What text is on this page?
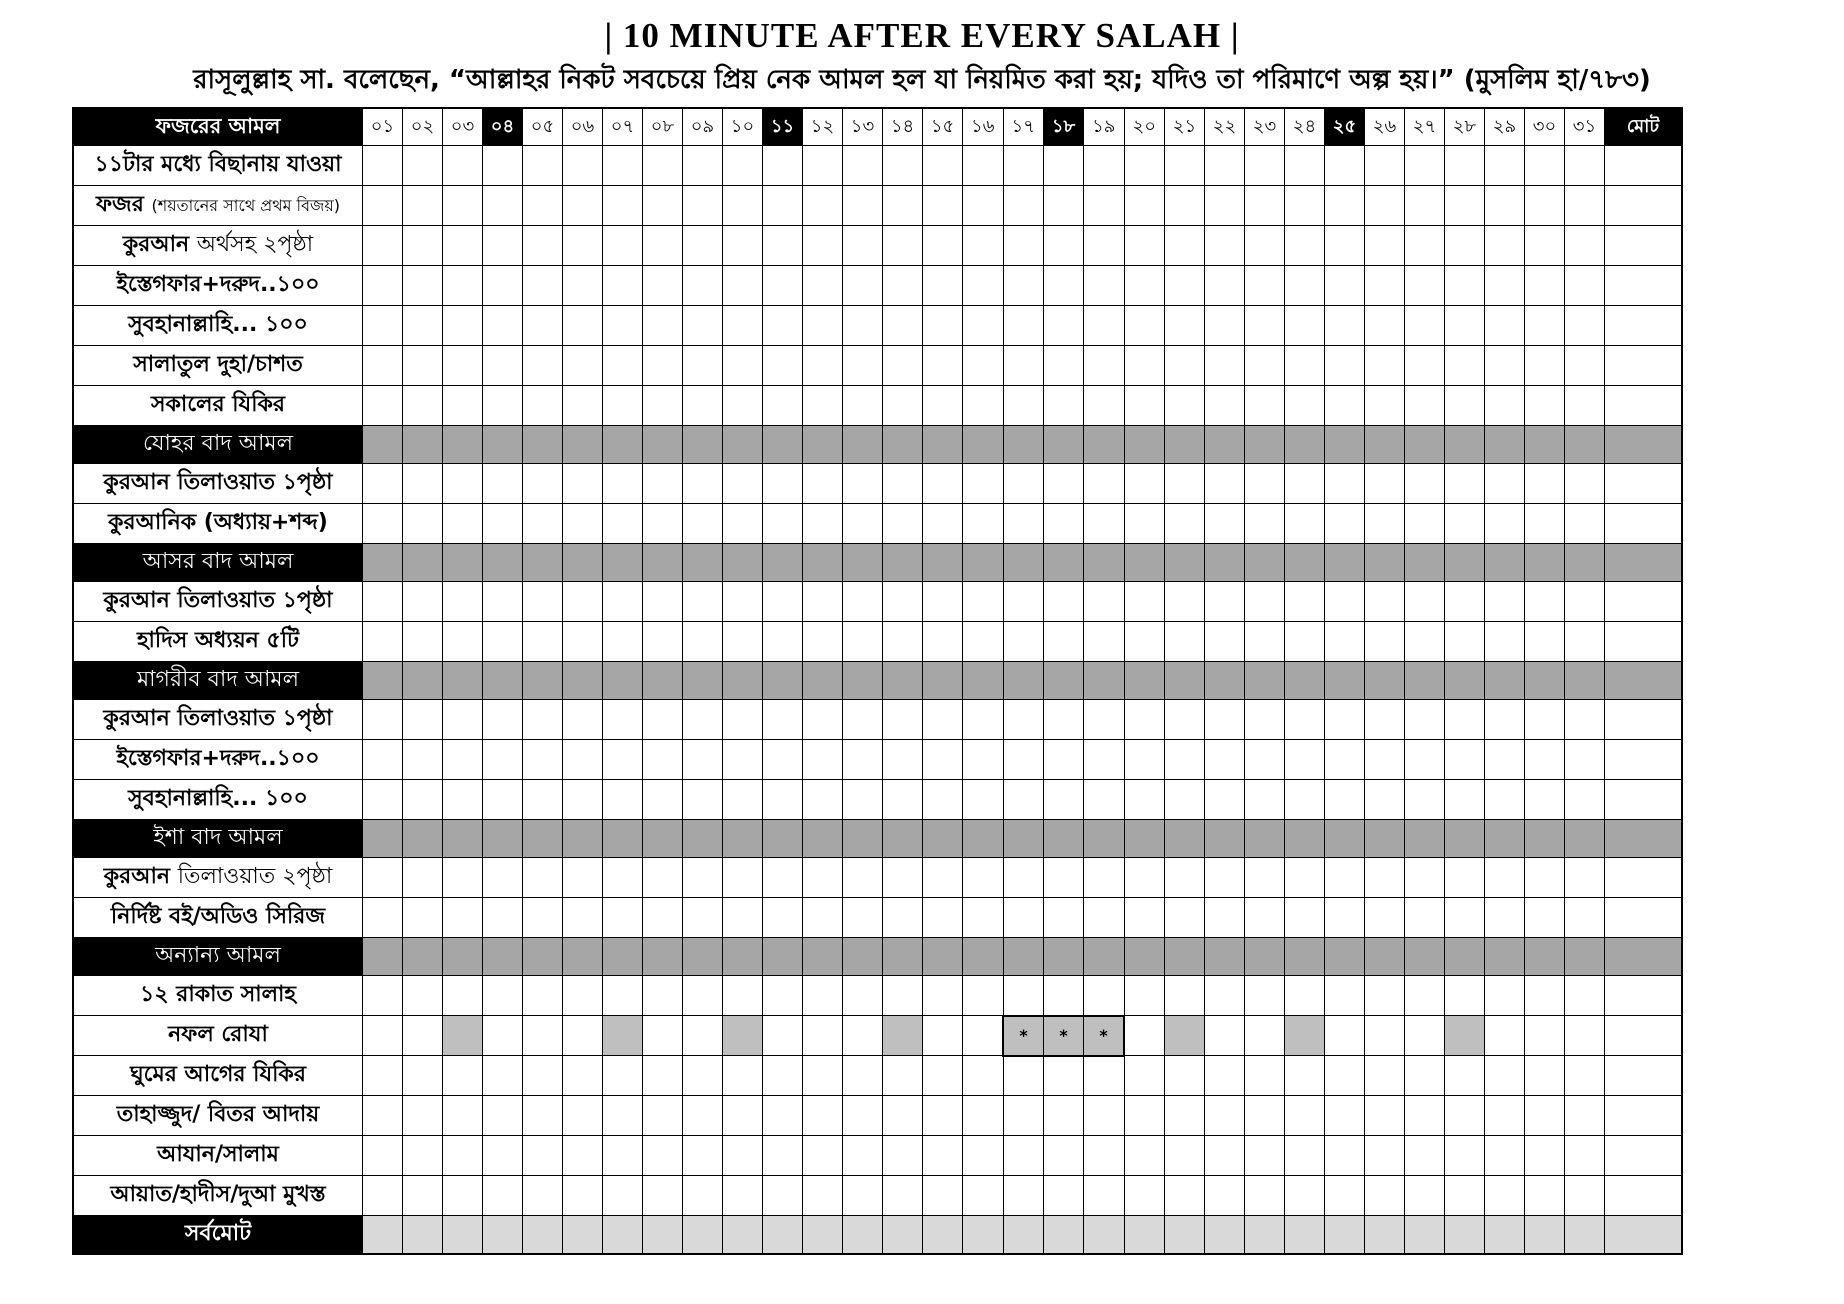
| 10 MINUTE AFTER EVERY SALAH |
রাসূলুল্লাহ সা. বলেছেন, “আল্লাহর নিকট সবচেয়ে প্রিয় নেক আমল হল যা নিয়মিত করা হয়; যদিও তা পরিমাণে অল্প হয়।” (মুসলিম হা/৭৮৩)
ফজরের আমল	০১	০২	০৩	০৪	০৫	০৬	০৭	০৮	০৯	১০	১১	১২	১৩	১৪	১৫	১৬	১৭	১৮	১৯	২০	২১	২২	২৩	২৪	২৫	২৬	২৭	২৮	২৯	৩০	৩১	মোট
১১টার মধ্যে বিছানায় যাওয়া																																
ফজর (শয়তানের সাথে প্রথম বিজয়)																																
কুরআন অর্থসহ ২পৃষ্ঠা																																
ইস্তেগফার+দরুদ..১০০																																
সুবহানাল্লাহি... ১০০																																
সালাতুল দুহা/চাশত																																
সকালের যিকির																																
যোহর বাদ আমল																																
কুরআন তিলাওয়াত ১পৃষ্ঠা																																
কুরআনিক (অধ্যায়+শব্দ)																																
আসর বাদ আমল																																
কুরআন তিলাওয়াত ১পৃষ্ঠা																																
হাদিস অধ্যয়ন ৫টি																																
মাগরীব বাদ আমল																																
কুরআন তিলাওয়াত ১পৃষ্ঠা																																
ইস্তেগফার+দরুদ..১০০																																
সুবহানাল্লাহি... ১০০																																
ইশা বাদ আমল																																
কুরআন তিলাওয়াত ২পৃষ্ঠা																																
নির্দিষ্ট বই/অডিও সিরিজ																																
অন্যান্য আমল																																
১২ রাকাত সালাহ																																
নফল রোযা																	*	*	*													
ঘুমের আগের যিকির																																
তাহাজ্জুদ/ বিতর আদায়																																
আযান/সালাম																																
আয়াত/হাদীস/দুআ মুখস্ত																																
সর্বমোট																																
